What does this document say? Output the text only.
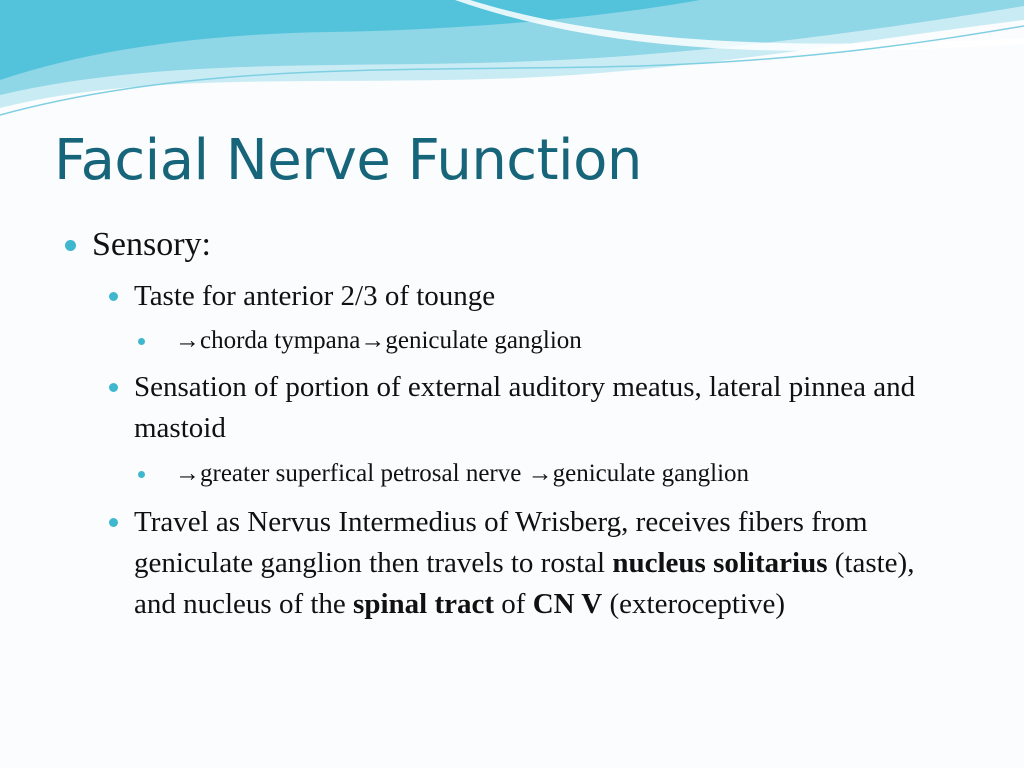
Facial Nerve Function
Sensory:
Taste for anterior 2/3 of tounge
→chorda tympana→geniculate ganglion
Sensation of portion of external auditory meatus, lateral pinnea and mastoid
→greater superfical petrosal nerve →geniculate ganglion
Travel as Nervus Intermedius of Wrisberg, receives fibers from geniculate ganglion then travels to rostal nucleus solitarius (taste), and nucleus of the spinal tract of CN V (exteroceptive)
